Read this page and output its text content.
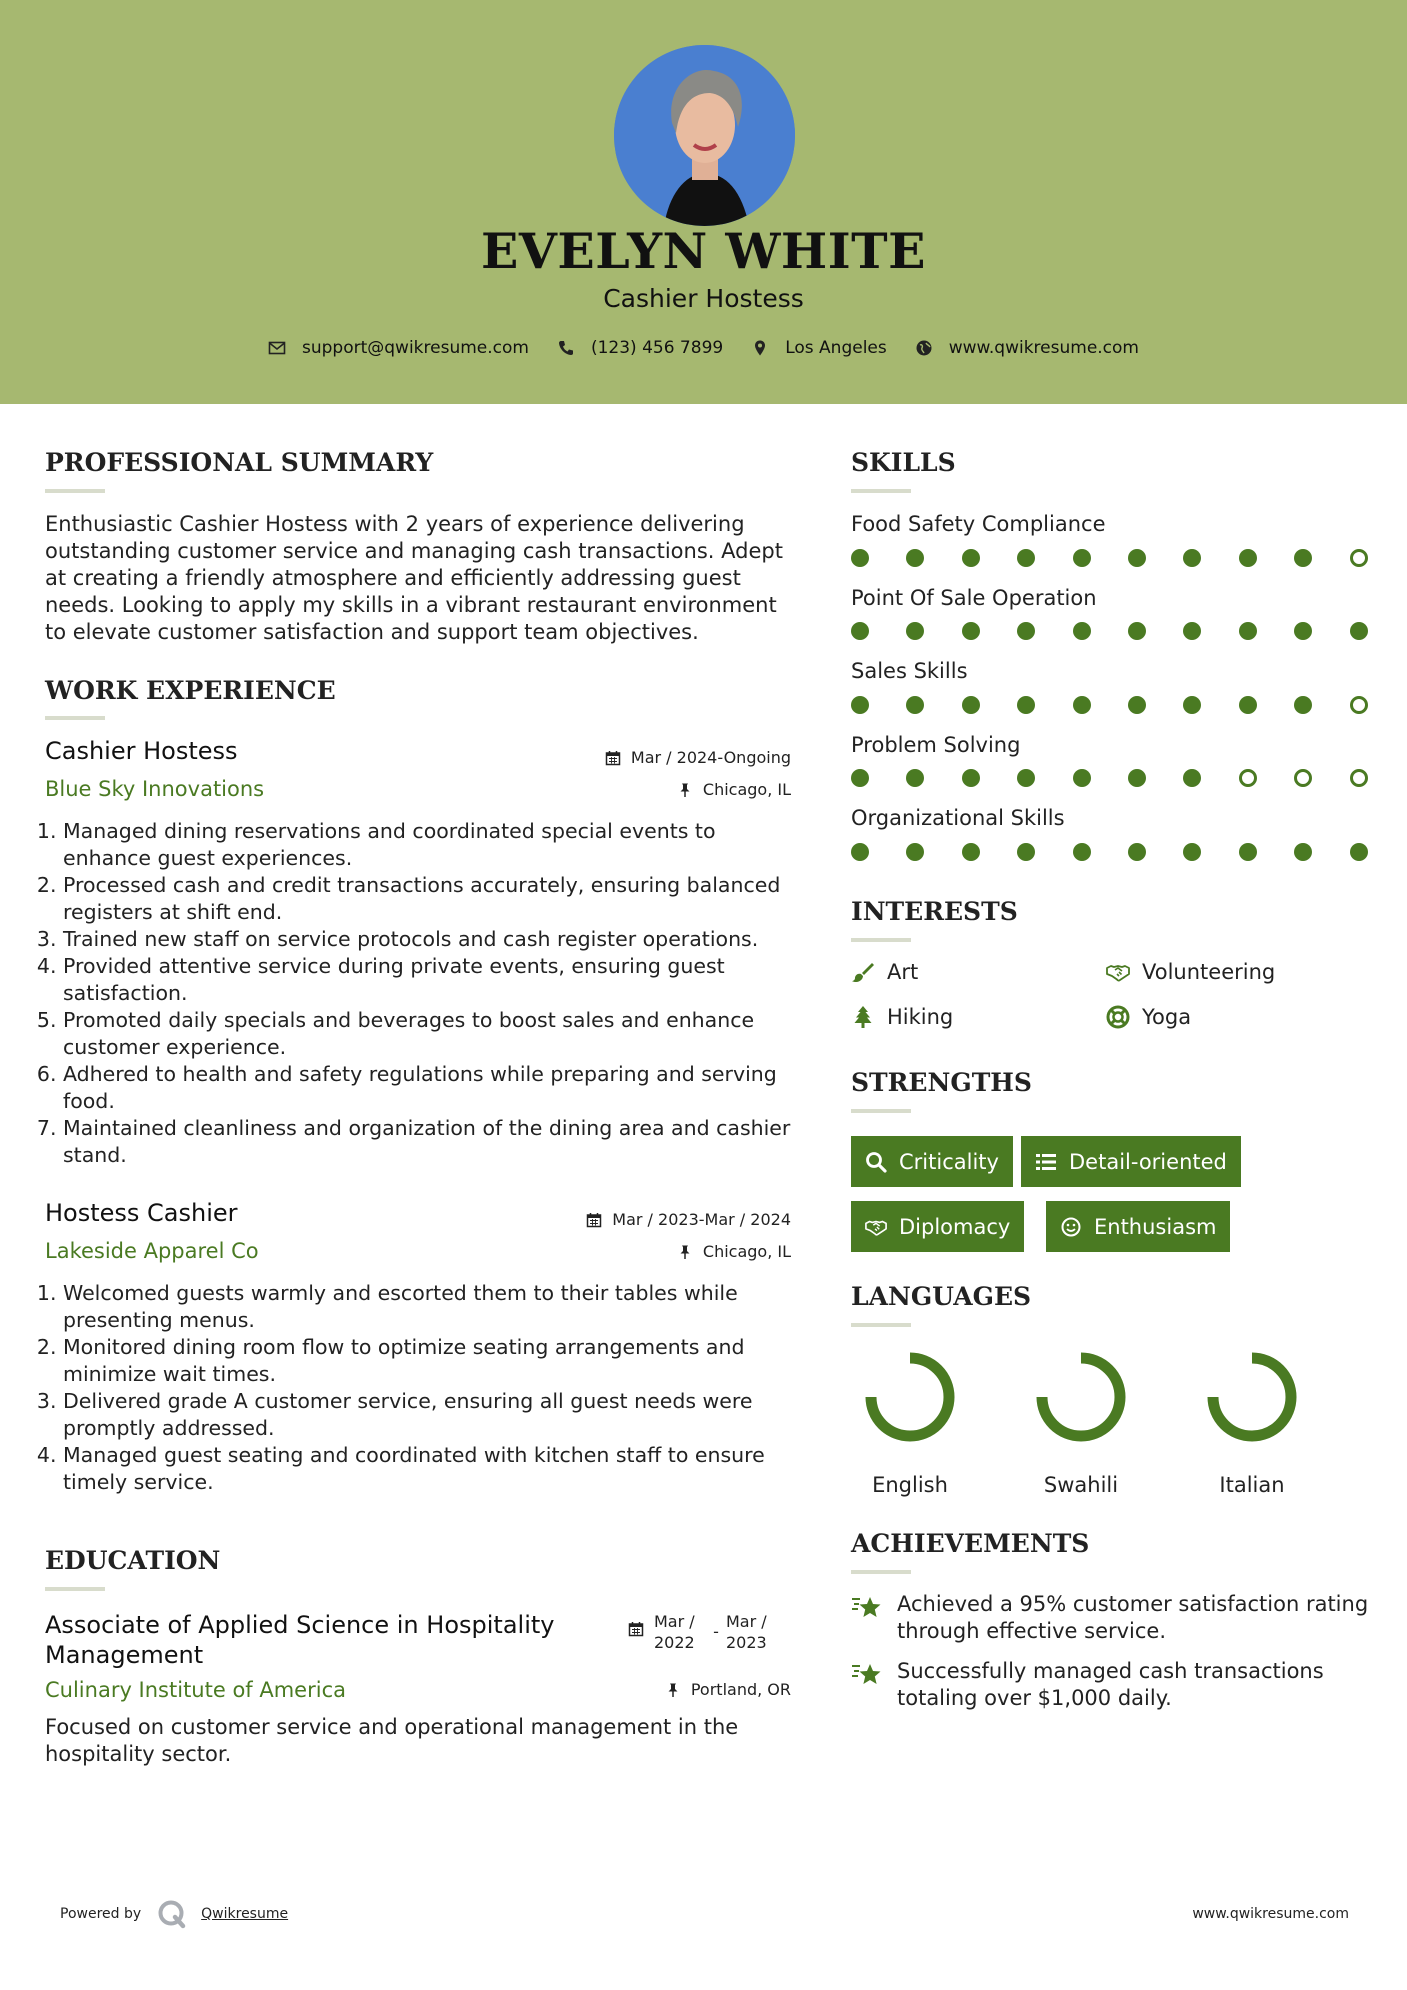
EVELYN WHITE
Cashier Hostess
support@qwikresume.com	(123) 456 7899	Los Angeles	www.qwikresume.com
PROFESSIONAL SUMMARY
Enthusiastic Cashier Hostess with 2 years of experience delivering outstanding customer service and managing cash transactions. Adept at creating a friendly atmosphere and efficiently addressing guest needs. Looking to apply my skills in a vibrant restaurant environment to elevate customer satisfaction and support team objectives.
WORK EXPERIENCE
Cashier Hostess
Blue Sky Innovations
Mar / 2024-Ongoing
Chicago, IL
1. Managed dining reservations and coordinated special events to enhance guest experiences.
2. Processed cash and credit transactions accurately, ensuring balanced registers at shift end.
3. Trained new staff on service protocols and cash register operations.
4. Provided attentive service during private events, ensuring guest satisfaction.
5. Promoted daily specials and beverages to boost sales and enhance customer experience.
6. Adhered to health and safety regulations while preparing and serving food.
7. Maintained cleanliness and organization of the dining area and cashier stand.
Hostess Cashier
Lakeside Apparel Co
Mar / 2023-Mar / 2024
Chicago, IL
1. Welcomed guests warmly and escorted them to their tables while presenting menus.
2. Monitored dining room flow to optimize seating arrangements and minimize wait times.
3. Delivered grade A customer service, ensuring all guest needs were promptly addressed.
4. Managed guest seating and coordinated with kitchen staff to ensure timely service.
EDUCATION
Associate of Applied Science in Hospitality Management
Mar / 2022
-
Mar / 2023
Culinary Institute of America	Portland, OR
Focused on customer service and operational management in the hospitality sector.
SKILLS
Food Safety Compliance
Point Of Sale Operation
Sales Skills
Problem Solving
Organizational Skills
INTERESTS
Art	Volunteering
Hiking	Yoga
STRENGTHS
Criticality	Detail-oriented
Diplomacy	Enthusiasm
LANGUAGES
English	Swahili	Italian
ACHIEVEMENTS
Achieved a 95% customer satisfaction rating through effective service.
Successfully managed cash transactions totaling over $1,000 daily.
Powered by	Qwikresume	www.qwikresume.com
